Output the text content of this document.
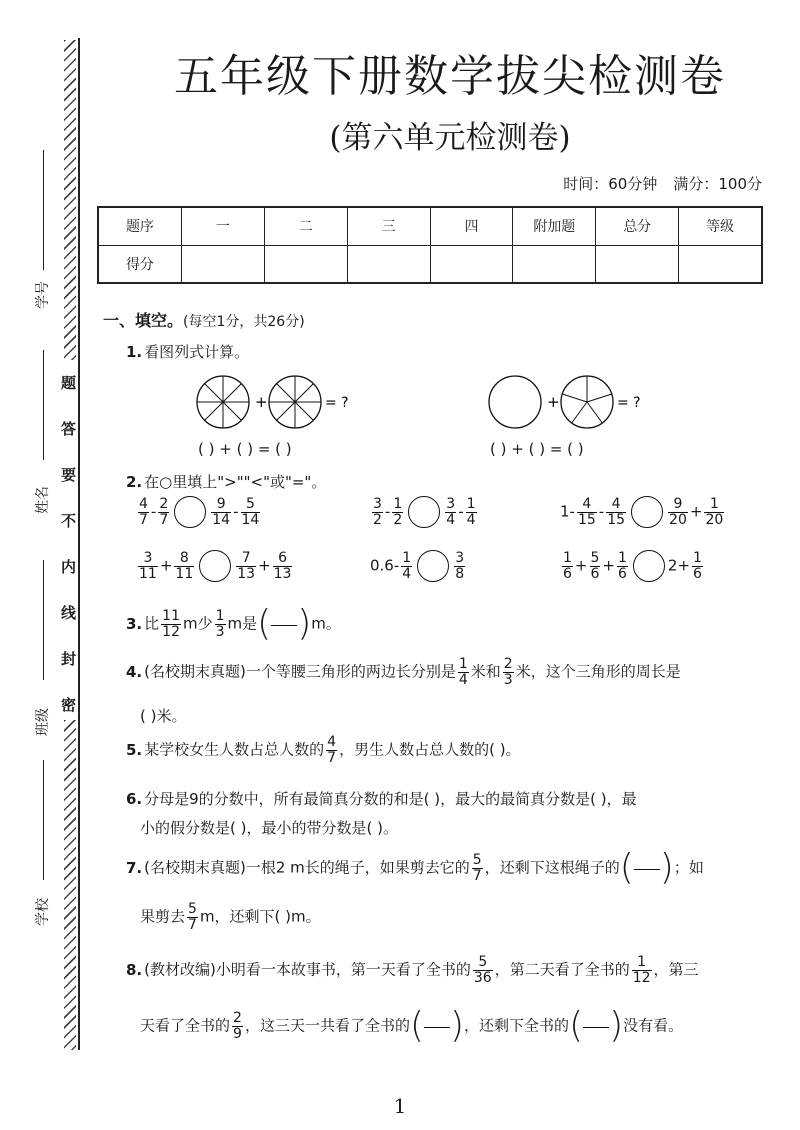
学号
姓名
班级
学校
题
答
要
不
内
线
封
密
五年级下册数学拔尖检测卷
(第六单元检测卷)
时间：60分钟 满分：100分
题序	一	二	三	四	附加题	总分	等级
得分							
一、填空。(每空1分，共26分)
1. 看图列式计算。
+	= ?	+	= ?
( ) + ( ) = ( )	( ) + ( ) = ( )
2. 在○里填上">""<"或"="。
$\frac{4}{7} - \frac{2}{7}$	$\frac{9}{14} - \frac{5}{14}$	$\frac{3}{2} - \frac{1}{2}$	$\frac{3}{4} - \frac{1}{4}$	$1- \frac{4}{15} - \frac{4}{15}$	$\frac{9}{20} + \frac{1}{20}$
$\frac{3}{11} + \frac{8}{11}$	$\frac{7}{13} + \frac{6}{13}$	$0.6- \frac{1}{4}$	$\frac{3}{8}$	$\frac{1}{6} + \frac{5}{6} + \frac{1}{6}$	$2+ \frac{1}{6}$
3. 比 $\frac{11}{12}$ m少 $\frac{1}{3}$ m是( )m。
4. (名校期末真题)一个等腰三角形的两边长分别是 $\frac{1}{4}$ 米和 $\frac{2}{3}$ 米，这个三角形的周长是
( )米。
5. 某学校女生人数占总人数的 $\frac{4}{7}$ ，男生人数占总人数的( )。
6. 分母是9的分数中，所有最简真分数的和是( )，最大的最简真分数是( )，最
小的假分数是( )，最小的带分数是( )。
7. (名校期末真题)一根2 m长的绳子，如果剪去它的 $\frac{5}{7}$ ，还剩下这根绳子的( )；如
果剪去 $\frac{5}{7}$ m，还剩下( )m。
8. (教材改编)小明看一本故事书，第一天看了全书的 $\frac{5}{36}$ ，第二天看了全书的 $\frac{1}{12}$ ，第三
天看了全书的 $\frac{2}{9}$ ，这三天一共看了全书的( )，还剩下全书的( )没有看。
1
